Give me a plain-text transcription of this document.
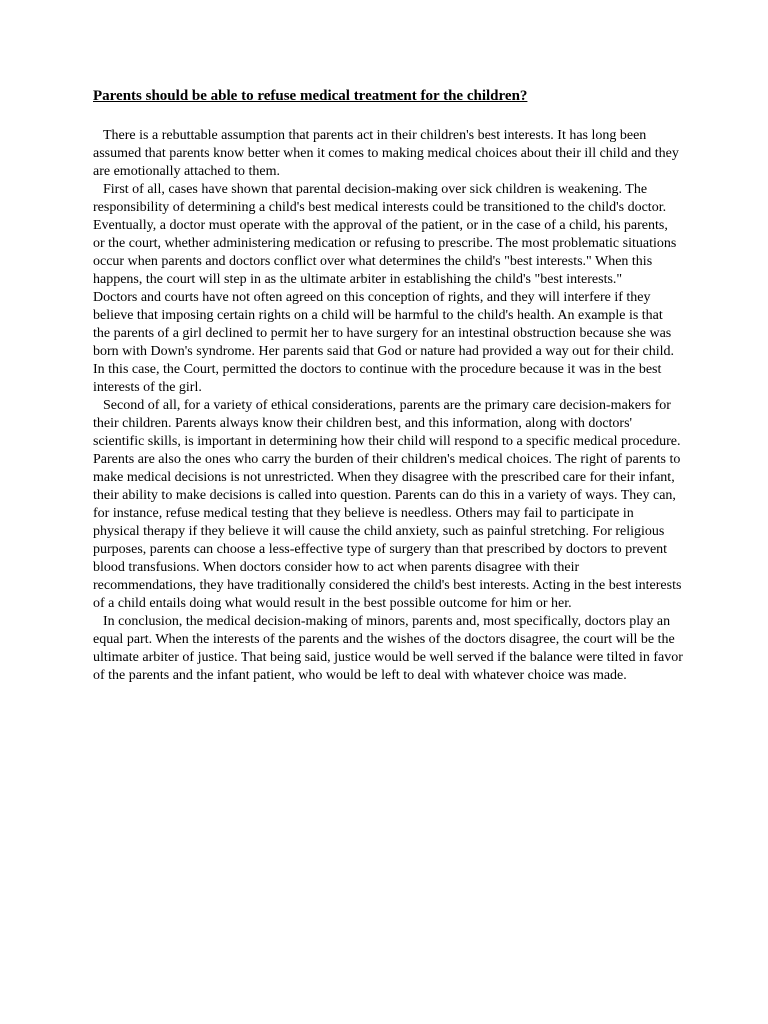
Parents should be able to refuse medical treatment for the children?

There is a rebuttable assumption that parents act in their children's best interests. It has long been assumed that parents know better when it comes to making medical choices about their ill child and they are emotionally attached to them.

First of all, cases have shown that parental decision-making over sick children is weakening. The responsibility of determining a child's best medical interests could be transitioned to the child's doctor. Eventually, a doctor must operate with the approval of the patient, or in the case of a child, his parents, or the court, whether administering medication or refusing to prescribe. The most problematic situations occur when parents and doctors conflict over what determines the child's "best interests." When this happens, the court will step in as the ultimate arbiter in establishing the child's "best interests."

Doctors and courts have not often agreed on this conception of rights, and they will interfere if they believe that imposing certain rights on a child will be harmful to the child's health. An example is that the parents of a girl declined to permit her to have surgery for an intestinal obstruction because she was born with Down's syndrome. Her parents said that God or nature had provided a way out for their child. In this case, the Court, permitted the doctors to continue with the procedure because it was in the best interests of the girl.

Second of all, for a variety of ethical considerations, parents are the primary care decision-makers for their children. Parents always know their children best, and this information, along with doctors' scientific skills, is important in determining how their child will respond to a specific medical procedure. Parents are also the ones who carry the burden of their children's medical choices. The right of parents to make medical decisions is not unrestricted. When they disagree with the prescribed care for their infant, their ability to make decisions is called into question. Parents can do this in a variety of ways. They can, for instance, refuse medical testing that they believe is needless. Others may fail to participate in physical therapy if they believe it will cause the child anxiety, such as painful stretching. For religious purposes, parents can choose a less-effective type of surgery than that prescribed by doctors to prevent blood transfusions. When doctors consider how to act when parents disagree with their recommendations, they have traditionally considered the child's best interests. Acting in the best interests of a child entails doing what would result in the best possible outcome for him or her.

In conclusion, the medical decision-making of minors, parents and, most specifically, doctors play an equal part. When the interests of the parents and the wishes of the doctors disagree, the court will be the ultimate arbiter of justice. That being said, justice would be well served if the balance were tilted in favor of the parents and the infant patient, who would be left to deal with whatever choice was made.
